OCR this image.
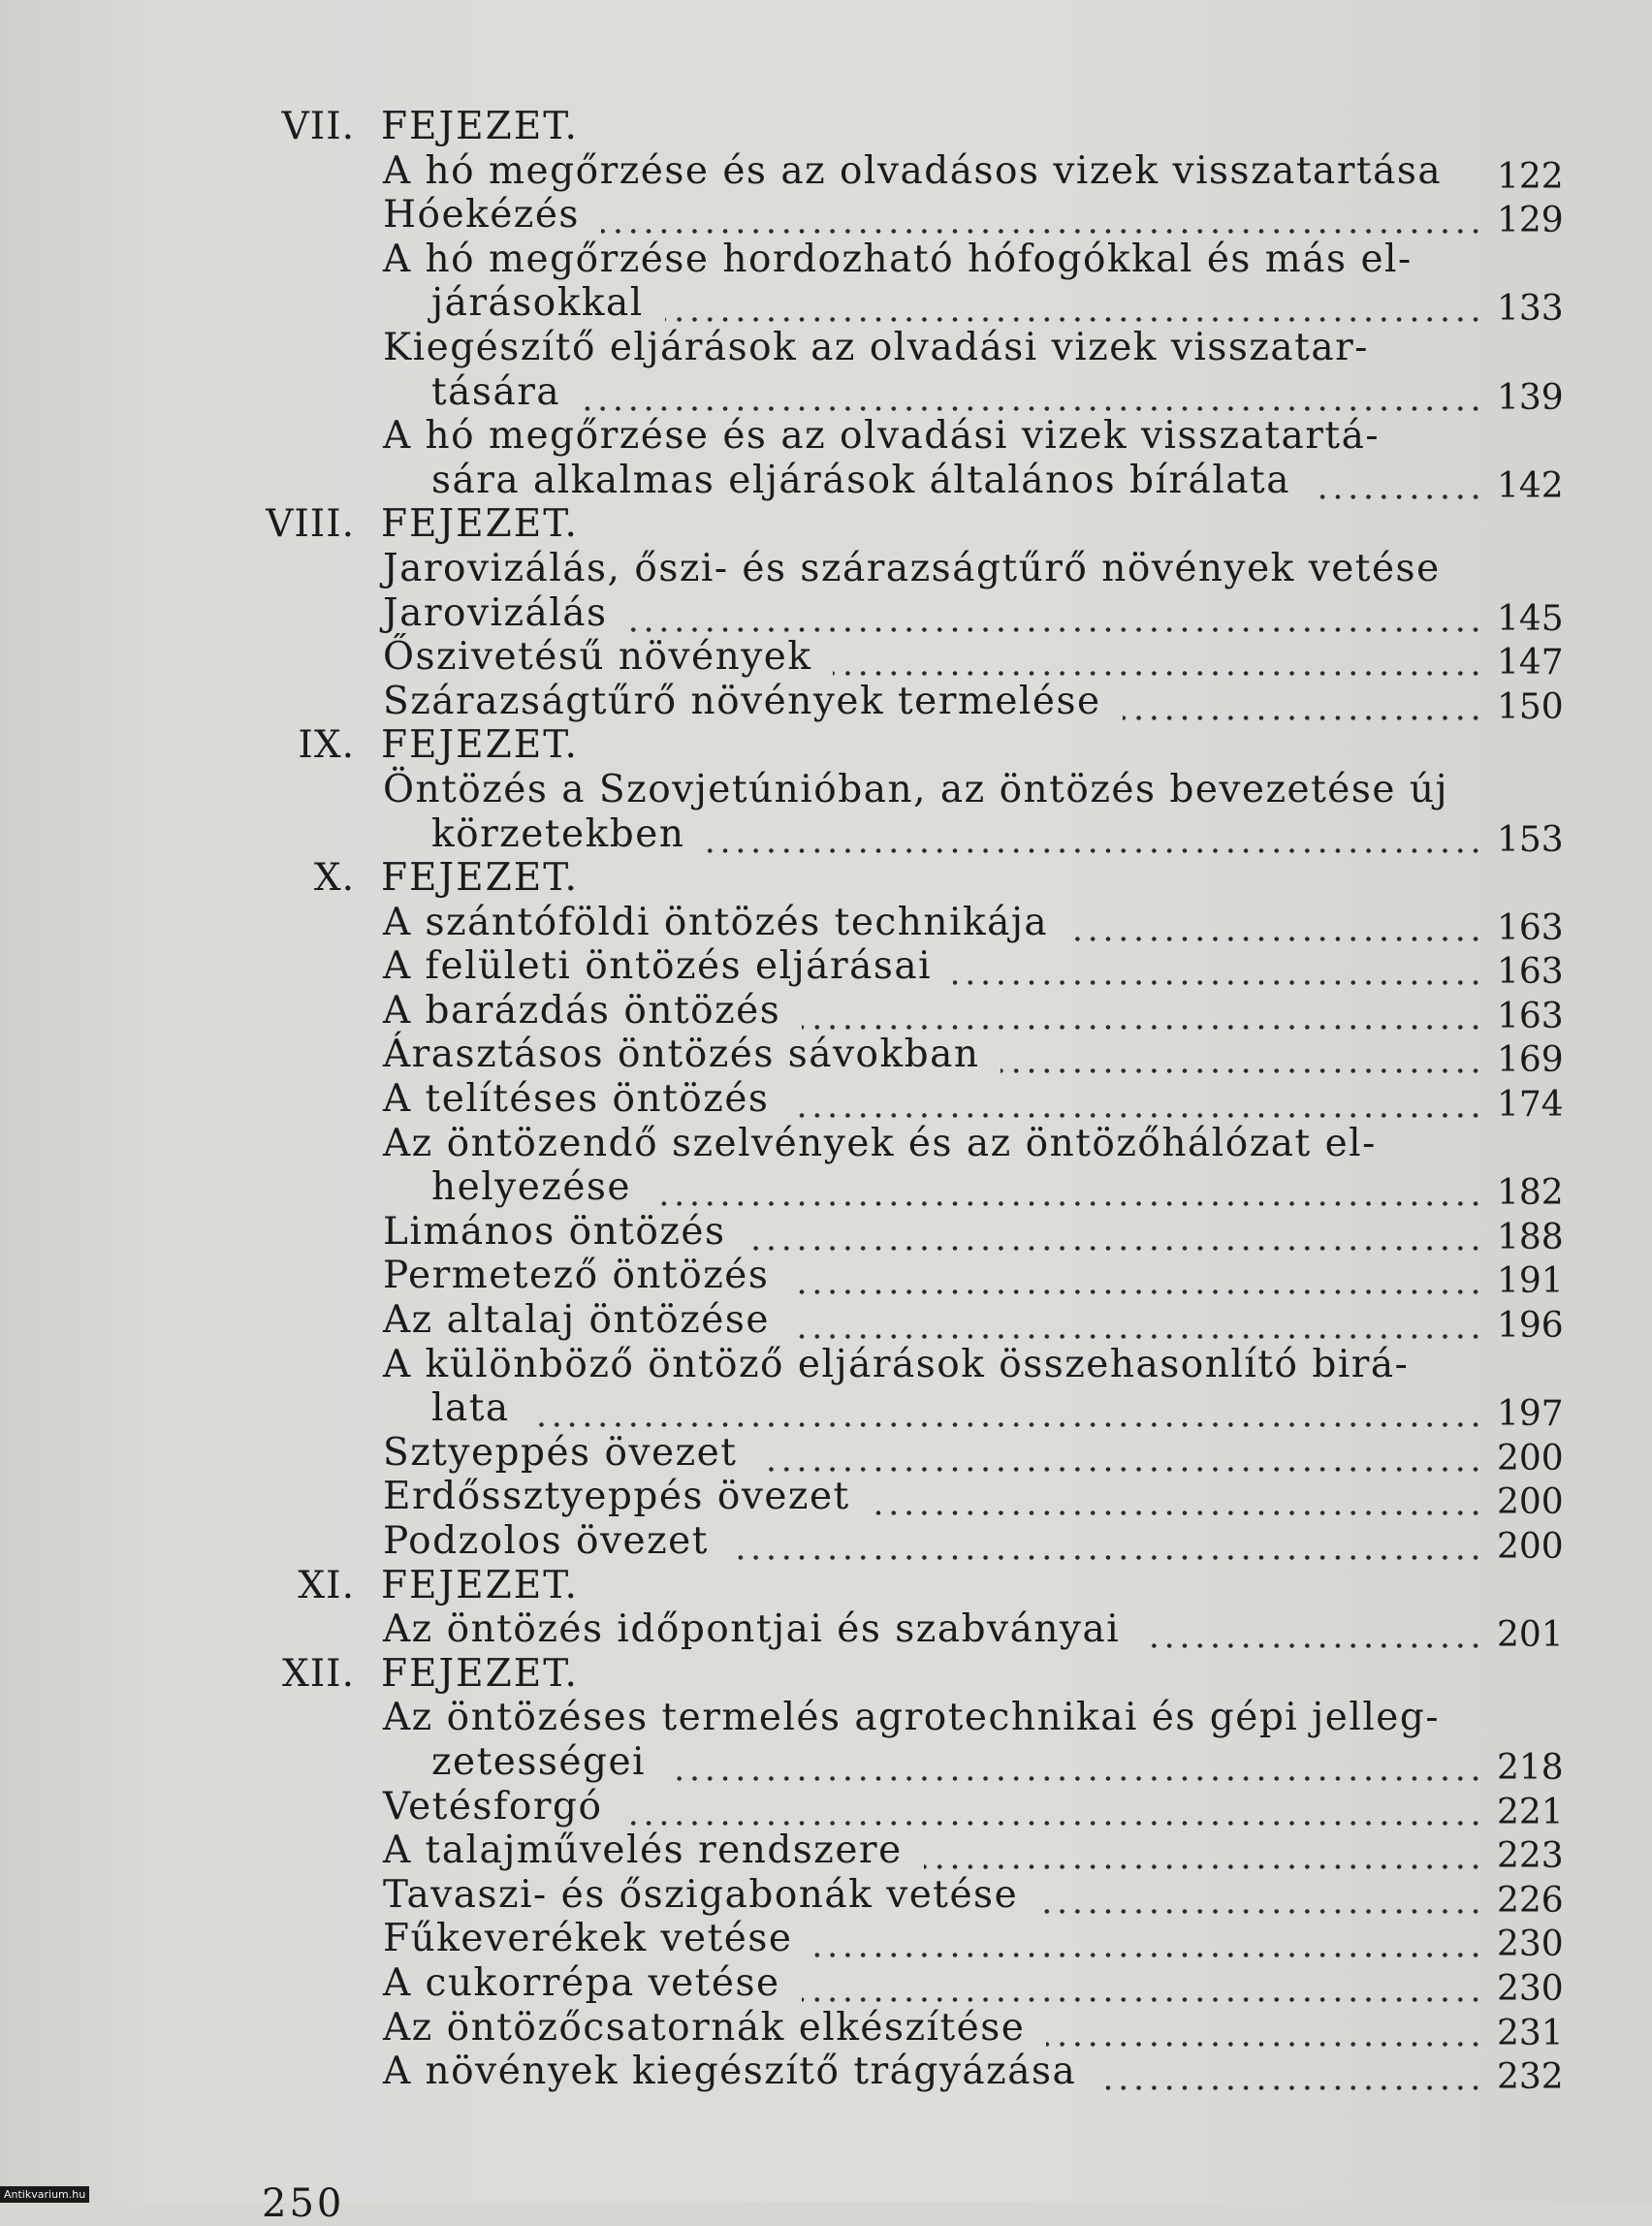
VII. FEJEZET.
A hó megőrzése és az olvadásos vizek visszatartása 122
Hóekézés	129
A hó megőrzése hordozható hófogókkal és más el-
járásokkal	133
Kiegészítő eljárások az olvadási vizek visszatar-
tására	139
A hó megőrzése és az olvadási vizek visszatartá-
sára alkalmas eljárások általános bírálata	142
VIII. FEJEZET.
Jarovizálás, őszi- és szárazságtűrő növények vetése
Jarovizálás	145
Őszivetésű növények	147
Szárazságtűrő növények termelése	150
IX. FEJEZET.
Öntözés a Szovjetúnióban, az öntözés bevezetése új
körzetekben	153
X. FEJEZET.
A szántóföldi öntözés technikája	163
A felületi öntözés eljárásai	163
A barázdás öntözés	163
Árasztásos öntözés sávokban	169
A telítéses öntözés	174
Az öntözendő szelvények és az öntözőhálózat el-
helyezése	182
Limános öntözés	188
Permetező öntözés	191
Az altalaj öntözése	196
A különböző öntöző eljárások összehasonlító birá-
lata	197
Sztyeppés övezet	200
Erdőssztyeppés övezet	200
Podzolos övezet	200
XI. FEJEZET.
Az öntözés időpontjai és szabványai	201
XII. FEJEZET.
Az öntözéses termelés agrotechnikai és gépi jelleg-
zetességei	218
Vetésforgó	221
A talajművelés rendszere	223
Tavaszi- és őszigabonák vetése	226
Fűkeverékek vetése	230
A cukorrépa vetése	230
Az öntözőcsatornák elkészítése	231
A növények kiegészítő trágyázása	232
250
Antikvarium.hu
